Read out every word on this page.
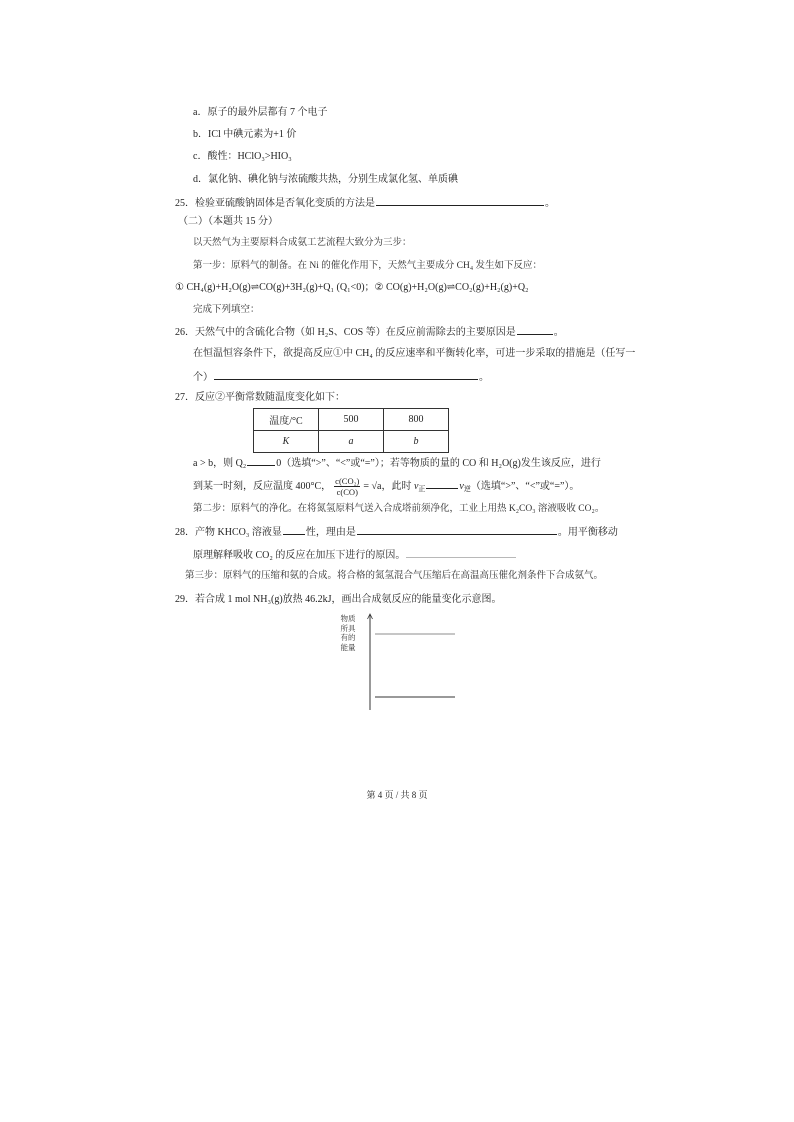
a．原子的最外层都有 7 个电子
b．ICl 中碘元素为+1 价
c．酸性：HClO₃>HIO₃
d．氯化钠、碘化钠与浓硫酸共热，分别生成氯化氢、单质碘
25．检验亚硫酸钠固体是否氧化变质的方法是	。
（二）（本题共 15 分）
以天然气为主要原料合成氨工艺流程大致分为三步：
第一步：原料气的制备。在 Ni 的催化作用下，天然气主要成分 CH₄ 发生如下反应：
① CH₄(g)+H₂O(g)⇌CO(g)+3H₂(g)+Q₁ (Q₁<0)；② CO(g)+H₂O(g)⇌CO₂(g)+H₂(g)+Q₂
完成下列填空：
26．天然气中的含硫化合物（如 H₂S、COS 等）在反应前需除去的主要原因是	。
在恒温恒容条件下，欲提高反应①中 CH₄ 的反应速率和平衡转化率，可进一步采取的措施是（任写一
个）	。
27．反应②平衡常数随温度变化如下：
温度/°C	500	800
K	a	b
a > b，则 Q₂	0（选填“>”、“<”或“=”）；若等物质的量的 CO 和 H₂O(g)发生该反应，进行
到某一时刻，反应温度 400°C， $\frac{\text{c(CO₂)}}{c(CO)} = √a$，此时 $v_正$	$v_逆$（选填“>”、“<”或“=”）。
第二步：原料气的净化。在将氮氢原料气送入合成塔前须净化，工业上用热 K₂CO₃ 溶液吸收 CO₂。
28．产物 KHCO₃ 溶液显 性，理由是	。用平衡移动
原理解释吸收 CO₂ 的反应在加压下进行的原因。
第三步：原料气的压缩和氨的合成。将合格的氮氢混合气压缩后在高温高压催化剂条件下合成氨气。
29．若合成 1 mol NH₃(g)放热 46.2kJ，画出合成氨反应的能量变化示意图。
物质
所具
有的
能量
第 4 页 / 共 8 页
